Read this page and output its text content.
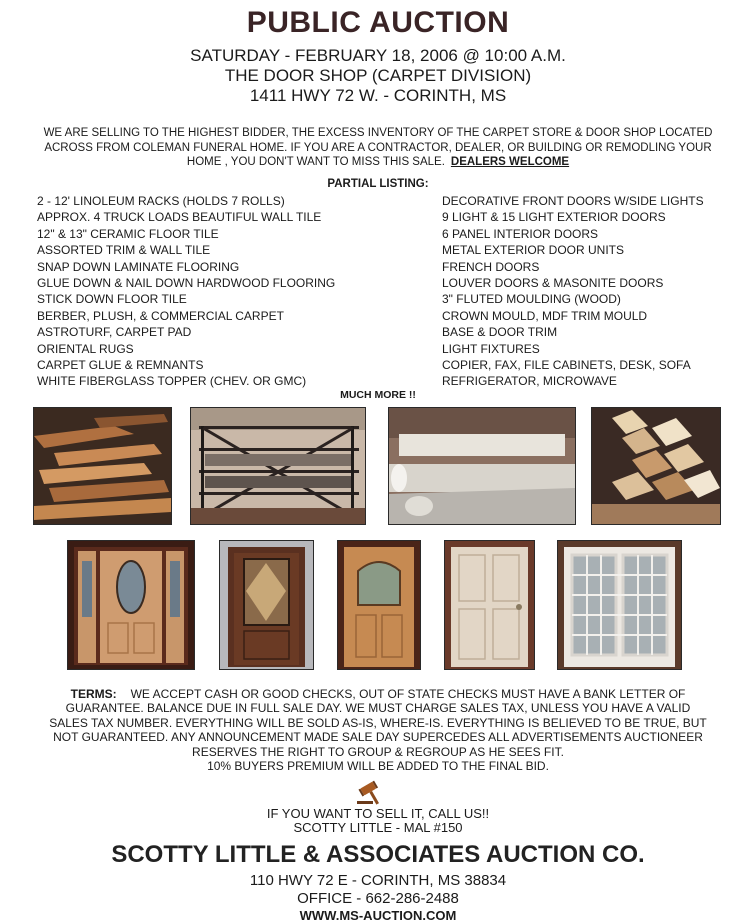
PUBLIC AUCTION
SATURDAY - FEBRUARY 18, 2006 @ 10:00 A.M.
THE DOOR SHOP (CARPET DIVISION)
1411 HWY 72 W. - CORINTH, MS
WE ARE SELLING TO THE HIGHEST BIDDER, THE EXCESS INVENTORY OF THE CARPET STORE & DOOR SHOP LOCATED ACROSS FROM COLEMAN FUNERAL HOME. IF YOU ARE A CONTRACTOR, DEALER, OR BUILDING OR REMODLING YOUR HOME , YOU DON'T WANT TO MISS THIS SALE. DEALERS WELCOME
PARTIAL LISTING:
2 - 12' LINOLEUM RACKS (HOLDS 7 ROLLS)
APPROX. 4 TRUCK LOADS BEAUTIFUL WALL TILE
12" & 13" CERAMIC FLOOR TILE
ASSORTED TRIM & WALL TILE
SNAP DOWN LAMINATE FLOORING
GLUE DOWN & NAIL DOWN HARDWOOD FLOORING
STICK DOWN FLOOR TILE
BERBER, PLUSH, & COMMERCIAL CARPET
ASTROTURF, CARPET PAD
ORIENTAL RUGS
CARPET GLUE & REMNANTS
WHITE FIBERGLASS TOPPER (CHEV. OR GMC)
DECORATIVE FRONT DOORS W/SIDE LIGHTS
9 LIGHT & 15 LIGHT EXTERIOR DOORS
6 PANEL INTERIOR DOORS
METAL EXTERIOR DOOR UNITS
FRENCH DOORS
LOUVER DOORS & MASONITE DOORS
3" FLUTED MOULDING (WOOD)
CROWN MOULD, MDF TRIM MOULD
BASE & DOOR TRIM
LIGHT FIXTURES
COPIER, FAX, FILE CABINETS, DESK, SOFA
REFRIGERATOR, MICROWAVE
MUCH MORE !!
TERMS: WE ACCEPT CASH OR GOOD CHECKS, OUT OF STATE CHECKS MUST HAVE A BANK LETTER OF GUARANTEE. BALANCE DUE IN FULL SALE DAY. WE MUST CHARGE SALES TAX, UNLESS YOU HAVE A VALID SALES TAX NUMBER. EVERYTHING WILL BE SOLD AS-IS, WHERE-IS. EVERYTHING IS BELIEVED TO BE TRUE, BUT NOT GUARANTEED. ANY ANNOUNCEMENT MADE SALE DAY SUPERCEDES ALL ADVERTISEMENTS AUCTIONEER RESERVES THE RIGHT TO GROUP & REGROUP AS HE SEES FIT.
10% BUYERS PREMIUM WILL BE ADDED TO THE FINAL BID.
IF YOU WANT TO SELL IT, CALL US!!
SCOTTY LITTLE - MAL #150
SCOTTY LITTLE & ASSOCIATES AUCTION CO.
110 HWY 72 E - CORINTH, MS 38834
OFFICE - 662-286-2488
WWW.MS-AUCTION.COM
